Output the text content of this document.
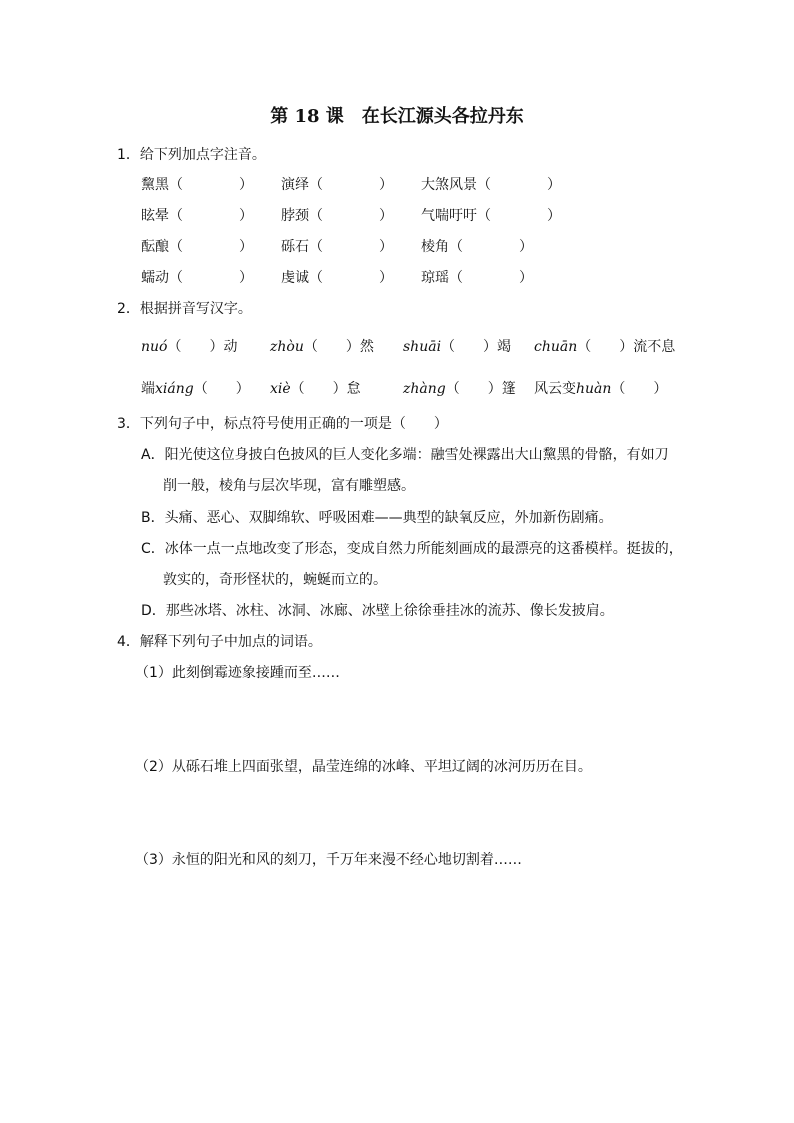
第 18 课　在长江源头各拉丹东
1．给下列加点字注音。
黧黑（　　　　） 演绎（　　　　） 大煞风景（　　　　）
眩晕（　　　　） 脖颈（　　　　） 气喘吁吁（　　　　）
酝酿（　　　　） 砾石（　　　　） 棱角（　　　　）
蠕动（　　　　） 虔诚（　　　　） 琼瑶（　　　　）
2．根据拼音写汉字。
nuó（　　）动 zhòu（　　）然 shuāi（　　）竭 chuān（　　）流不息
端xiáng（　　） xiè（　　）怠	zhàng（　　）篷 风云变huàn（　　）
3．下列句子中，标点符号使用正确的一项是（　　）
A．阳光使这位身披白色披风的巨人变化多端：融雪处裸露出大山黧黑的骨骼，有如刀
削一般，棱角与层次毕现，富有雕塑感。
B．头痛、恶心、双脚绵软、呼吸困难——典型的缺氧反应，外加新伤剧痛。
C．冰体一点一点地改变了形态，变成自然力所能刻画成的最漂亮的这番模样。挺拔的，
敦实的，奇形怪状的，蜿蜒而立的。
D．那些冰塔、冰柱、冰洞、冰廊、冰壁上徐徐垂挂冰的流苏、像长发披肩。
4．解释下列句子中加点的词语。
（1）此刻倒霉迹象接踵而至……
（2）从砾石堆上四面张望，晶莹连绵的冰峰、平坦辽阔的冰河历历在目。
（3）永恒的阳光和风的刻刀，千万年来漫不经心地切割着……
